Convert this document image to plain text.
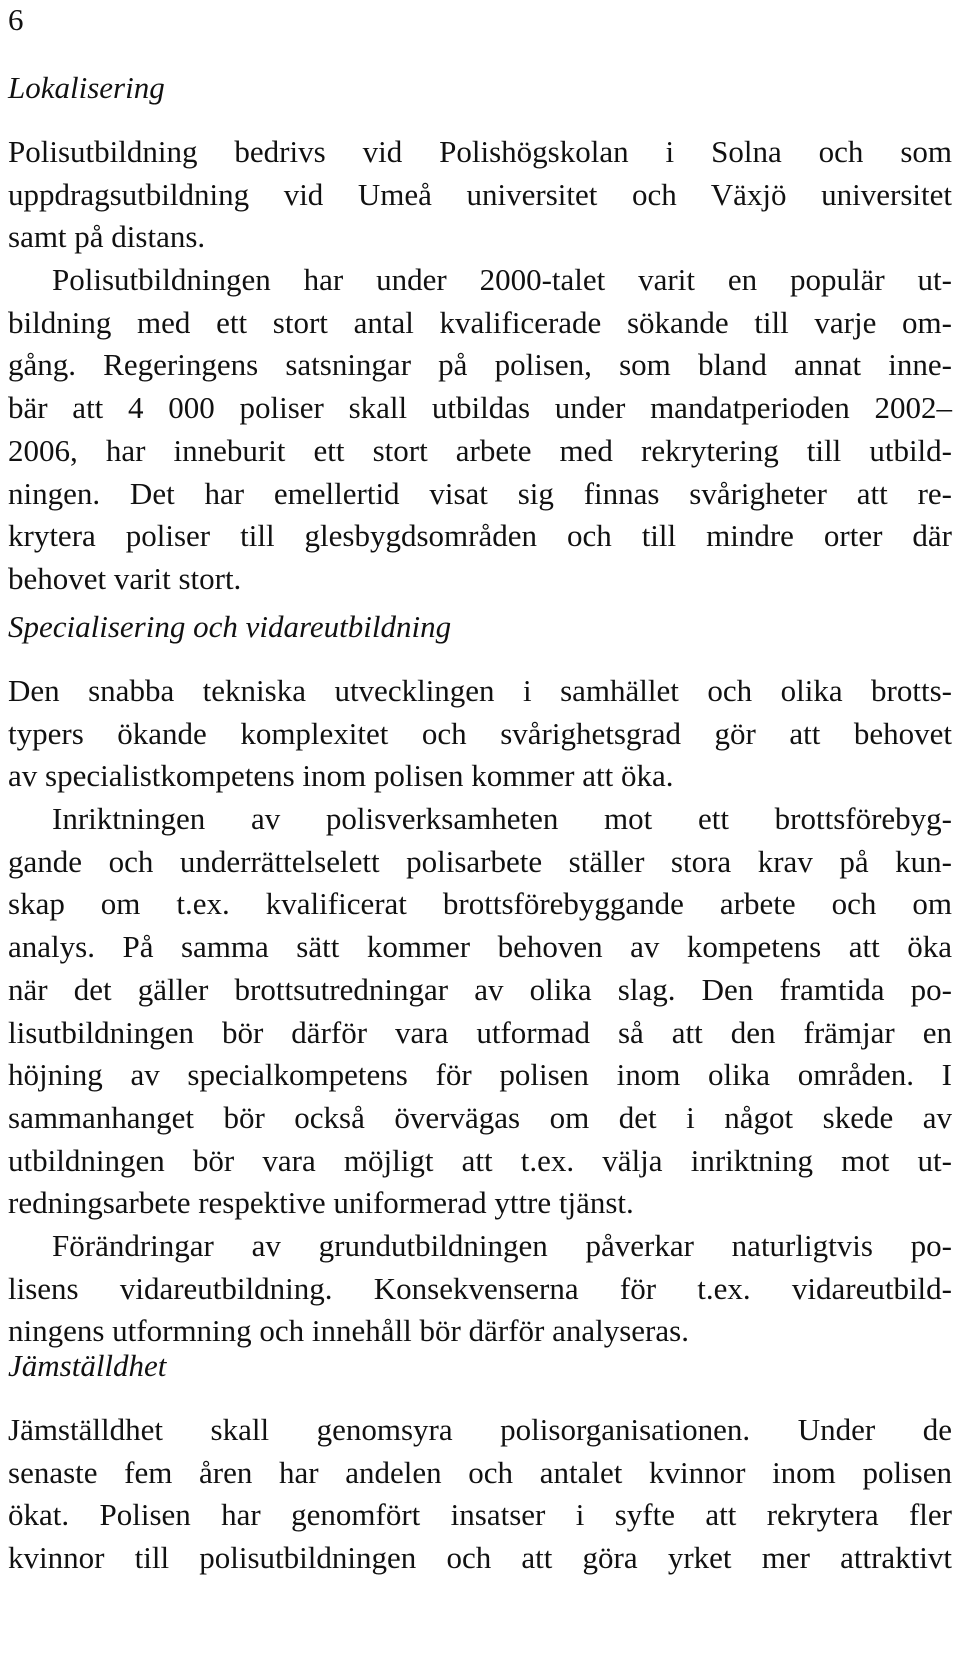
6
Lokalisering
Polisutbildning bedrivs vid Polishögskolan i Solna och som
uppdragsutbildning vid Umeå universitet och Växjö universitet
samt på distans.
Polisutbildningen har under 2000-talet varit en populär ut-
bildning med ett stort antal kvalificerade sökande till varje om-
gång. Regeringens satsningar på polisen, som bland annat inne-
bär att 4 000 poliser skall utbildas under mandatperioden 2002–
2006, har inneburit ett stort arbete med rekrytering till utbild-
ningen. Det har emellertid visat sig finnas svårigheter att re-
krytera poliser till glesbygdsområden och till mindre orter där
behovet varit stort.
Specialisering och vidareutbildning
Den snabba tekniska utvecklingen i samhället och olika brotts-
typers ökande komplexitet och svårighetsgrad gör att behovet
av specialistkompetens inom polisen kommer att öka.
Inriktningen av polisverksamheten mot ett brottsförebyg-
gande och underrättelselett polisarbete ställer stora krav på kun-
skap om t.ex. kvalificerat brottsförebyggande arbete och om
analys. På samma sätt kommer behoven av kompetens att öka
när det gäller brottsutredningar av olika slag. Den framtida po-
lisutbildningen bör därför vara utformad så att den främjar en
höjning av specialkompetens för polisen inom olika områden. I
sammanhanget bör också övervägas om det i något skede av
utbildningen bör vara möjligt att t.ex. välja inriktning mot ut-
redningsarbete respektive uniformerad yttre tjänst.
Förändringar av grundutbildningen påverkar naturligtvis po-
lisens vidareutbildning. Konsekvenserna för t.ex. vidareutbild-
ningens utformning och innehåll bör därför analyseras.
Jämställdhet
Jämställdhet skall genomsyra polisorganisationen. Under de
senaste fem åren har andelen och antalet kvinnor inom polisen
ökat. Polisen har genomfört insatser i syfte att rekrytera fler
kvinnor till polisutbildningen och att göra yrket mer attraktivt
